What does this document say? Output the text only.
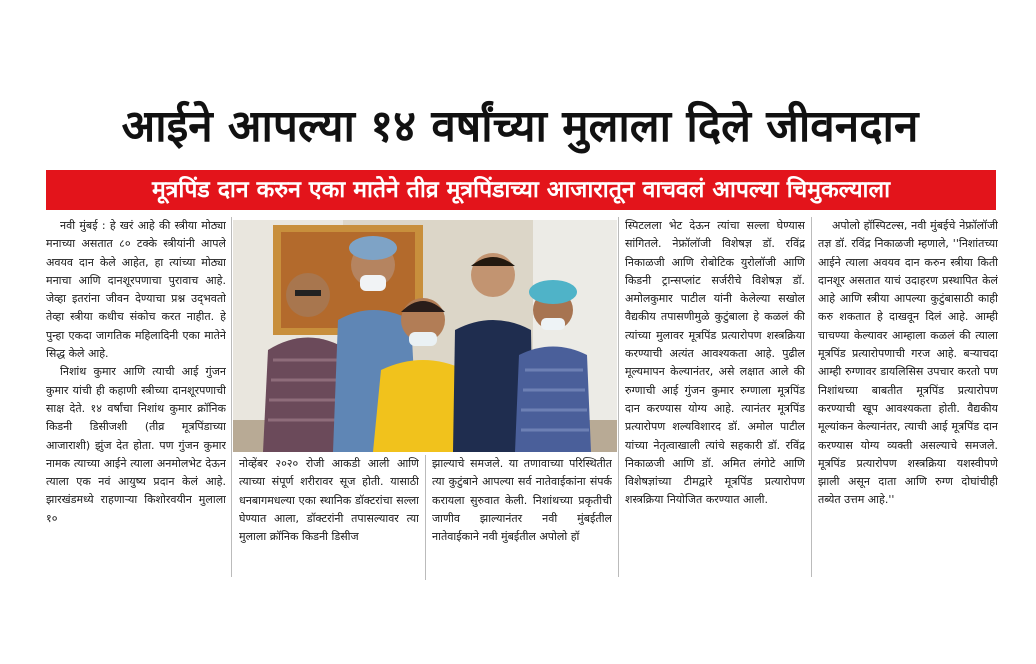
आईने आपल्या १४ वर्षांच्या मुलाला दिले जीवनदान
मूत्रपिंड दान करुन एका मातेने तीव्र मूत्रपिंडाच्या आजारातून वाचवलं आपल्या चिमुकल्याला

नवी मुंबई : हे खरं आहे की स्त्रीया मोठ्या मनाच्या असतात ८० टक्के स्त्रीयांनी आपले अवयव दान केले आहेत, हा त्यांच्या मोठ्या मनाचा आणि दानशूरपणाचा पुरावाच आहे. जेव्हा इतरांना जीवन देण्याचा प्रश्न उद्‌भवतो तेव्हा स्त्रीया कधीच संकोच करत नाहीत. हे पुन्हा एकदा जागतिक महिलादिनी एका मातेने सिद्ध केले आहे.

निशांथ कुमार आणि त्याची आई गुंजन कुमार यांची ही कहाणी स्त्रीच्या दानशूरपणाची साक्ष देते. १४ वर्षांचा निशांथ कुमार क्रॉनिक किडनी डिसीजशी (तीव्र मूत्रपिंडाच्या आजाराशी) झुंज देत होता. पण गुंजन कुमार नामक त्याच्या आईने त्याला अनमोलभेट देऊन त्याला एक नवं आयुष्य प्रदान केलं आहे. झारखंडमध्ये राहणाऱ्या किशोरवयीन मुलाला १०

नोव्हेंबर २०२० रोजी आकडी आली आणि त्याच्या संपूर्ण शरीरावर सूज होती. यासाठी धनबागमधल्या एका स्थानिक डॉक्टरांचा सल्ला घेण्यात आला, डॉक्टरांनी तपासल्यावर त्या मुलाला क्रॉनिक किडनी डिसीज

झाल्याचे समजले. या तणावाच्या परिस्थितीत त्या कुटुंबाने आपल्या सर्व नातेवाईकांना संपर्क करायला सुरुवात केली. निशांथच्या प्रकृतीची जाणीव झाल्यानंतर नवी मुंबईतील नातेवाईकाने नवी मुंबईतील अपोलो हॉ

स्पिटलला भेट देऊन त्यांचा सल्ला घेण्यास सांगितले. नेफ्रॉलॉजी विशेषज्ञ डॉ. रविंद्र निकाळजी आणि रोबोटिक युरोलॉजी आणि किडनी ट्रान्सप्लांट सर्जरीचे विशेषज्ञ डॉ. अमोलकुमार पाटील यांनी केलेल्या सखोल वैद्यकीय तपासणीमुळे कुटुंबाला हे कळलं की त्यांच्या मुलावर मूत्रपिंड प्रत्यारोपण शस्त्रक्रिया करण्याची अत्यंत आवश्यकता आहे. पुढील मूल्यमापन केल्यानंतर, असे लक्षात आले की रुग्णाची आई गुंजन कुमार रुग्णाला मूत्रपिंड दान करण्यास योग्य आहे. त्यानंतर मूत्रपिंड प्रत्यारोपण शल्यविशारद डॉ. अमोल पाटील यांच्या नेतृत्वाखाली त्यांचे सहकारी डॉ. रविंद्र निकाळजी आणि डॉ. अमित लंगोटे आणि विशेषज्ञांच्या टीमद्वारे मूत्रपिंड प्रत्यारोपण शस्त्रक्रिया नियोजित करण्यात आली.

अपोलो हॉस्पिटल्स, नवी मुंबईचे नेफ्रॉलॉजी तज्ञ डॉ. रविंद्र निकाळजी म्हणाले, ''निशांतच्या आईने त्याला अवयव दान करुन स्त्रीया किती दानशूर असतात याचं उदाहरण प्रस्थापित केलं आहे आणि स्त्रीया आपल्या कुटुंबासाठी काही करु शकतात हे दाखवून दिलं आहे. आम्ही चाचण्या केल्यावर आम्हाला कळलं की त्याला मूत्रपिंड प्रत्यारोपणाची गरज आहे. बऱ्याचदा आम्ही रुग्णावर डायलिसिस उपचार करतो पण निशांथच्या बाबतीत मूत्रपिंड प्रत्यारोपण करण्याची खूप आवश्यकता होती. वैद्यकीय मूल्यांकन केल्यानंतर, त्याची आई मूत्रपिंड दान करण्यास योग्य व्यक्ती असल्याचे समजले. मूत्रपिंड प्रत्यारोपण शस्त्रक्रिया यशस्वीपणे झाली असून दाता आणि रुग्ण दोघांचीही तब्येत उत्तम आहे.''
